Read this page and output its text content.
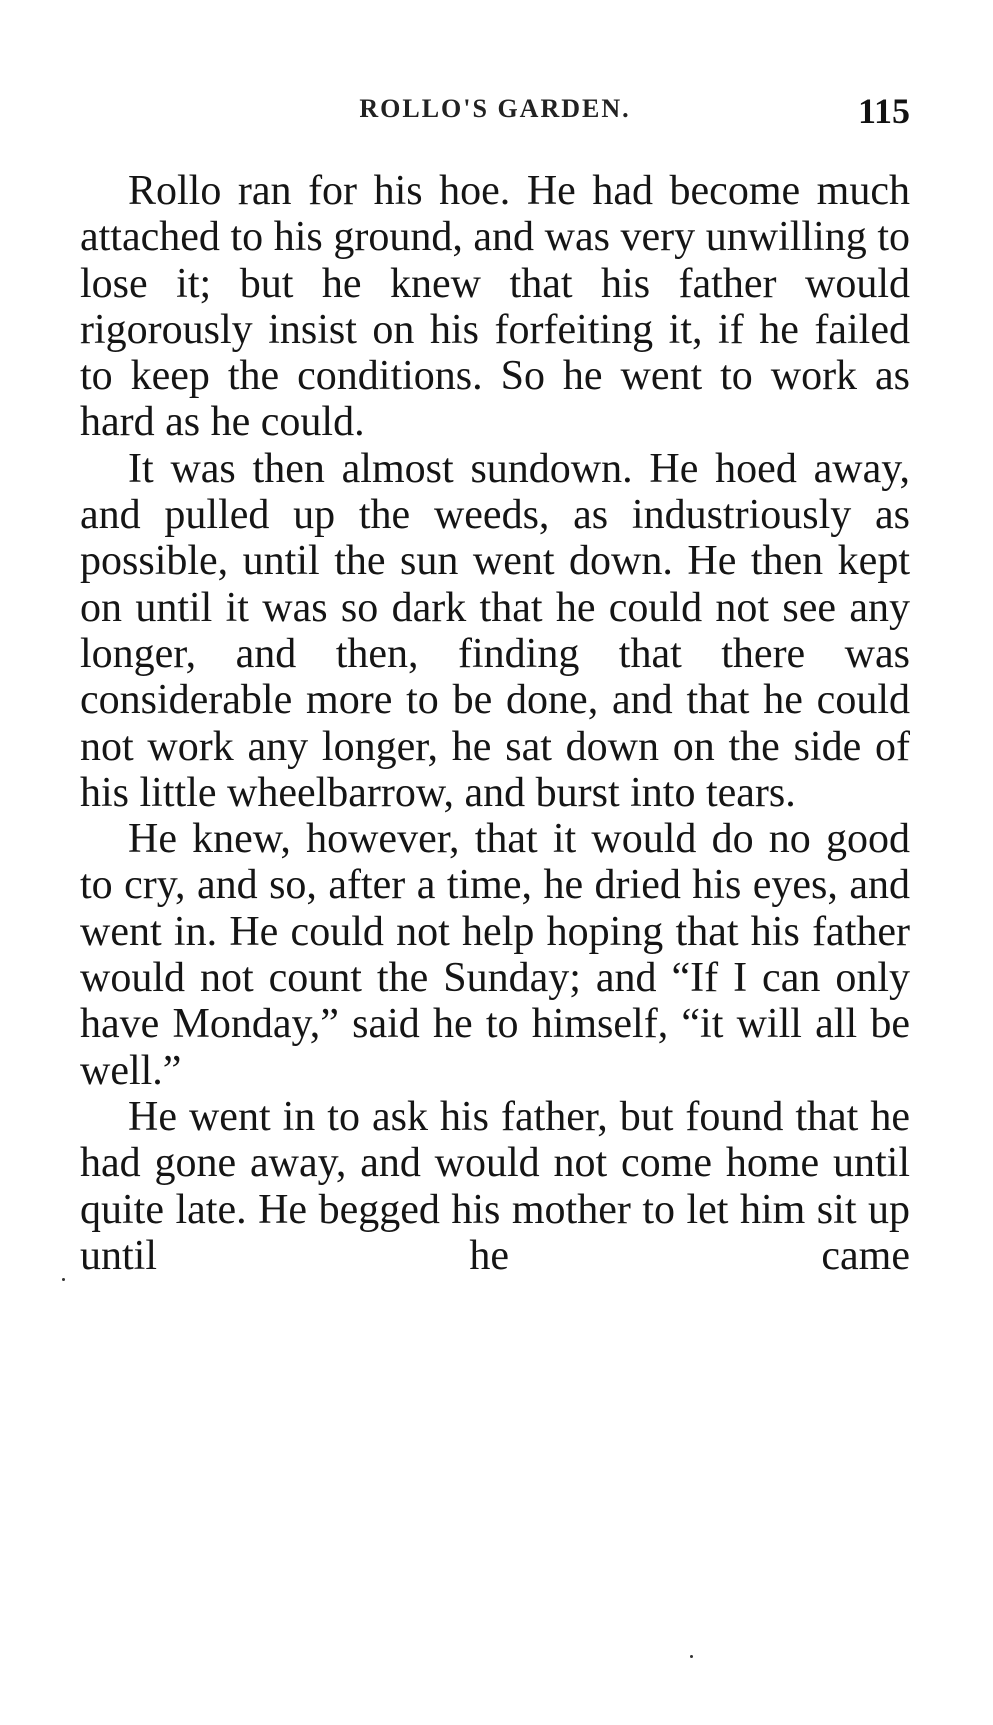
ROLLO'S GARDEN.	115

Rollo ran for his hoe. He had become much attached to his ground, and was very unwilling to lose it; but he knew that his father would rigorously insist on his forfeiting it, if he failed to keep the conditions. So he went to work as hard as he could.

It was then almost sundown. He hoed away, and pulled up the weeds, as industriously as possible, until the sun went down. He then kept on until it was so dark that he could not see any longer, and then, finding that there was considerable more to be done, and that he could not work any longer, he sat down on the side of his little wheelbarrow, and burst into tears.

He knew, however, that it would do no good to cry, and so, after a time, he dried his eyes, and went in. He could not help hoping that his father would not count the Sunday; and “If I can only have Monday,” said he to himself, “it will all be well.”

He went in to ask his father, but found that he had gone away, and would not come home until quite late. He begged his mother to let him sit up until he came
